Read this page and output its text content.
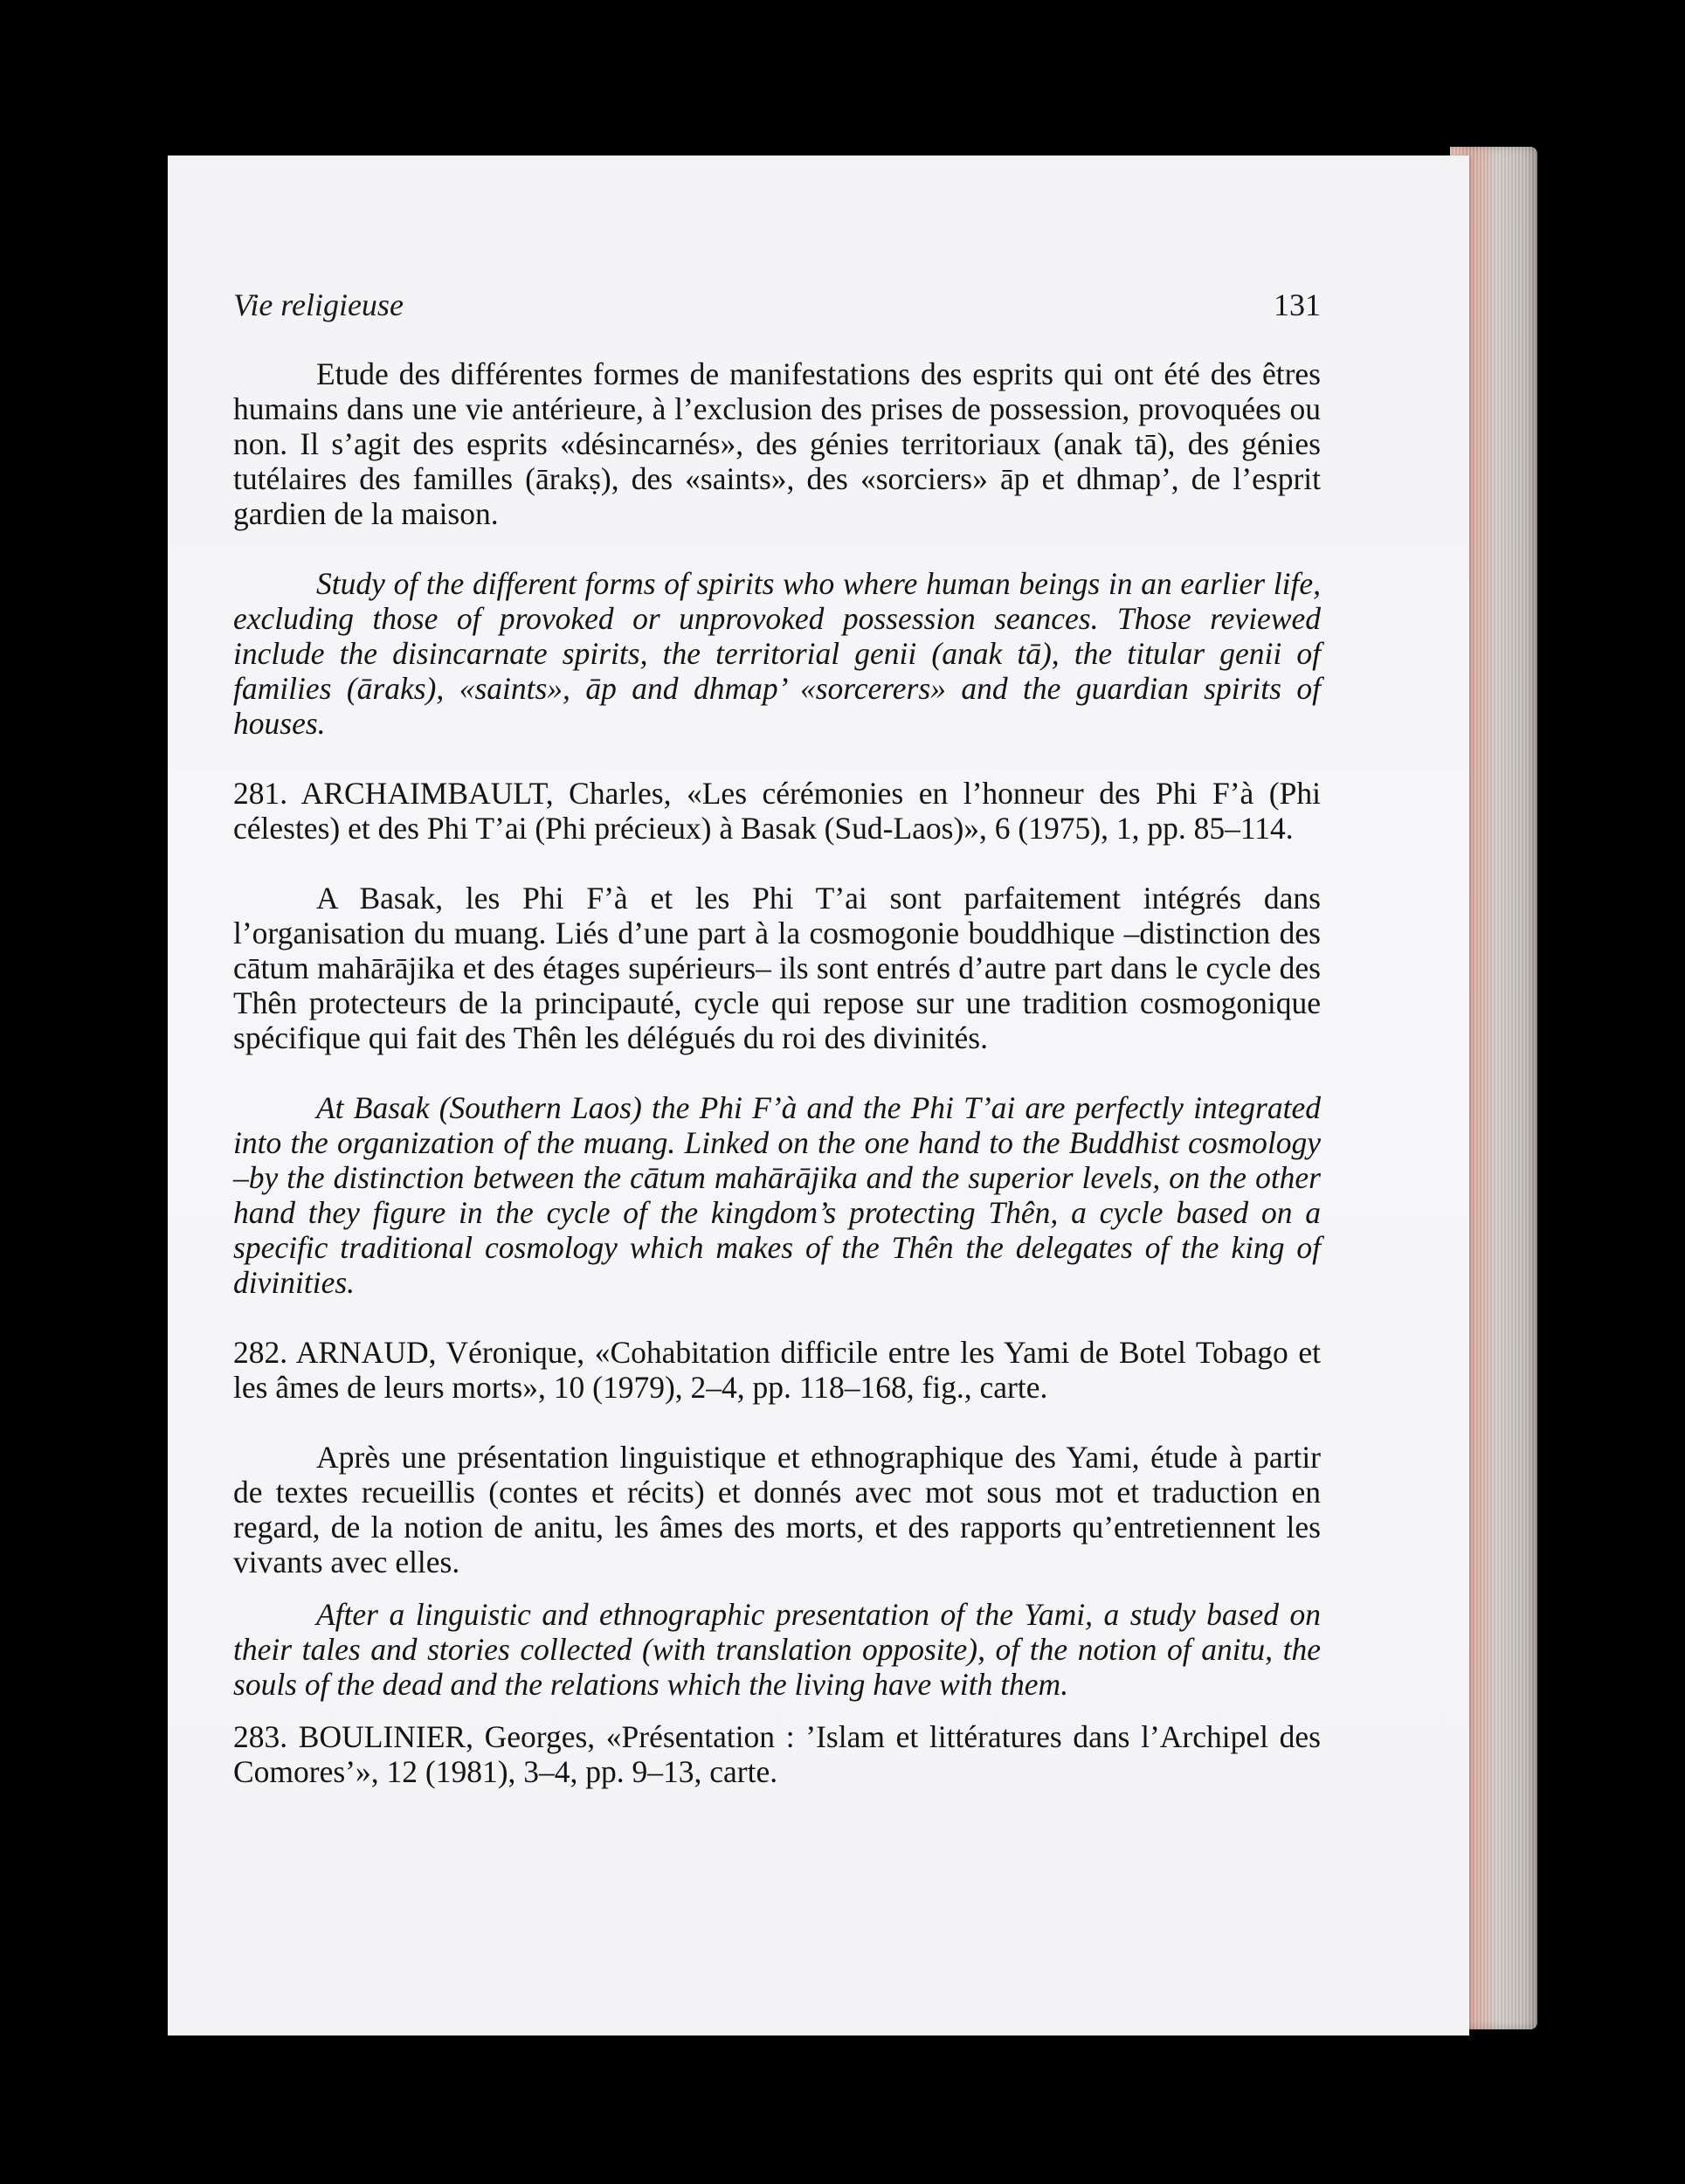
Vie religieuse	131

Etude des différentes formes de manifestations des esprits qui ont été des êtres humains dans une vie antérieure, à l’exclusion des prises de possession, provoquées ou non. Il s’agit des esprits «désincarnés», des génies territoriaux (anak tā), des génies tutélaires des familles (ārakṣ), des «saints», des «sorciers» āp et dhmap’, de l’esprit gardien de la maison.

Study of the different forms of spirits who where human beings in an earlier life, excluding those of provoked or unprovoked possession seances. Those reviewed include the disincarnate spirits, the territorial genii (anak tā), the titular genii of families (āraks), «saints», āp and dhmap’ «sorcerers» and the guardian spirits of houses.

281. ARCHAIMBAULT, Charles, «Les cérémonies en l’honneur des Phi F’à (Phi célestes) et des Phi T’ai (Phi précieux) à Basak (Sud-Laos)», 6 (1975), 1, pp. 85–114.

A Basak, les Phi F’à et les Phi T’ai sont parfaitement intégrés dans l’organisation du muang. Liés d’une part à la cosmogonie bouddhique –distinction des cātum mahārājika et des étages supérieurs– ils sont entrés d’autre part dans le cycle des Thên protecteurs de la principauté, cycle qui repose sur une tradition cosmogonique spécifique qui fait des Thên les délégués du roi des divinités.

At Basak (Southern Laos) the Phi F’à and the Phi T’ai are perfectly integrated into the organization of the muang. Linked on the one hand to the Buddhist cosmology –by the distinction between the cātum mahārājika and the superior levels, on the other hand they figure in the cycle of the kingdom’s protecting Thên, a cycle based on a specific traditional cosmology which makes of the Thên the delegates of the king of divinities.

282. ARNAUD, Véronique, «Cohabitation difficile entre les Yami de Botel Tobago et les âmes de leurs morts», 10 (1979), 2–4, pp. 118–168, fig., carte.

Après une présentation linguistique et ethnographique des Yami, étude à partir de textes recueillis (contes et récits) et donnés avec mot sous mot et traduction en regard, de la notion de anitu, les âmes des morts, et des rapports qu’entretiennent les vivants avec elles.

After a linguistic and ethnographic presentation of the Yami, a study based on their tales and stories collected (with translation opposite), of the notion of anitu, the souls of the dead and the relations which the living have with them.

283. BOULINIER, Georges, «Présentation : ’Islam et littératures dans l’Archipel des Comores’», 12 (1981), 3–4, pp. 9–13, carte.
